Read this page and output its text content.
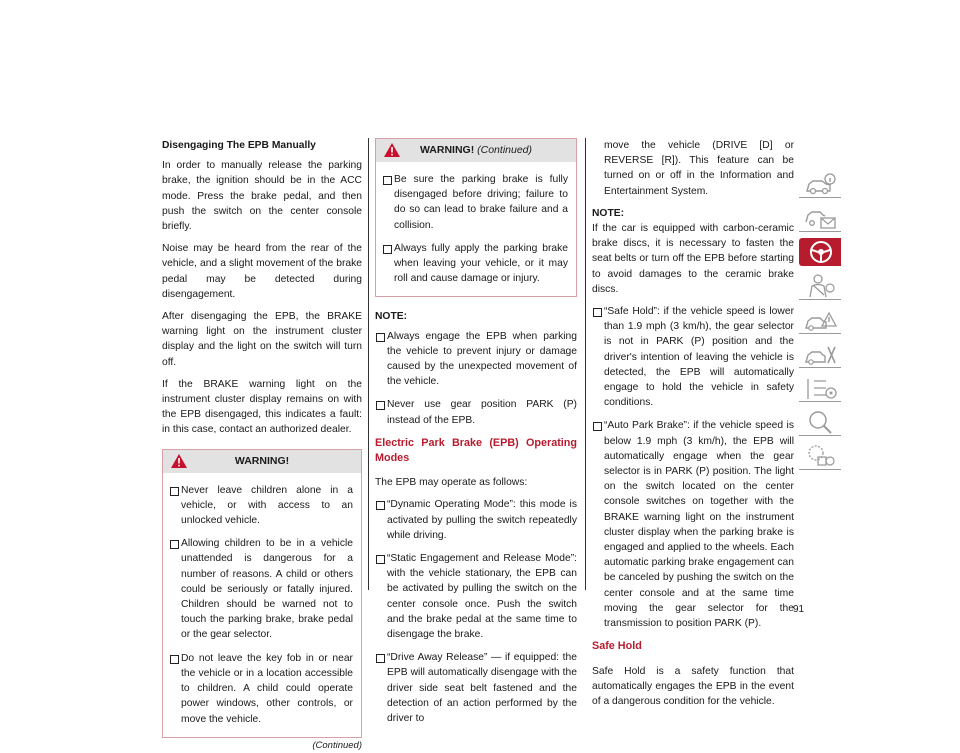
Disengaging The EPB Manually

In order to manually release the parking brake, the ignition should be in the ACC mode. Press the brake pedal, and then push the switch on the center console briefly.

Noise may be heard from the rear of the vehicle, and a slight movement of the brake pedal may be detected during disengagement.

After disengaging the EPB, the BRAKE warning light on the instrument cluster display and the light on the switch will turn off.

If the BRAKE warning light on the instrument cluster display remains on with the EPB disengaged, this indicates a fault: in this case, contact an authorized dealer.

WARNING!
Never leave children alone in a vehicle, or with access to an unlocked vehicle.
Allowing children to be in a vehicle unattended is dangerous for a number of reasons. A child or others could be seriously or fatally injured. Children should be warned not to touch the parking brake, brake pedal or the gear selector.
Do not leave the key fob in or near the vehicle or in a location accessible to children. A child could operate power windows, other controls, or move the vehicle.
(Continued)
WARNING!
(Continued)
Be sure the parking brake is fully disengaged before driving; failure to do so can lead to brake failure and a collision.
Always fully apply the parking brake when leaving your vehicle, or it may roll and cause damage or injury.

NOTE:

Always engage the EPB when parking the vehicle to prevent injury or damage caused by the unexpected movement of the vehicle.
Never use gear position PARK (P) instead of the EPB.

Electric Park Brake (EPB) Operating Modes

The EPB may operate as follows:

“Dynamic Operating Mode”: this mode is activated by pulling the switch repeatedly while driving.
“Static Engagement and Release Mode”: with the vehicle stationary, the EPB can be activated by pulling the switch on the center console once. Push the switch and the brake pedal at the same time to disengage the brake.
“Drive Away Release” — if equipped: the EPB will automatically disengage with the driver side seat belt fastened and the detection of an action performed by the driver to

move the vehicle (DRIVE [D] or REVERSE [R]). This feature can be turned on or off in the Information and Entertainment System.

NOTE:

If the car is equipped with carbon-ceramic brake discs, it is necessary to fasten the seat belts or turn off the EPB before starting to avoid damages to the ceramic brake discs.

“Safe Hold”: if the vehicle speed is lower than 1.9 mph (3 km/h), the gear selector is not in PARK (P) position and the driver's intention of leaving the vehicle is detected, the EPB will automatically engage to hold the vehicle in safety conditions.
“Auto Park Brake”: if the vehicle speed is below 1.9 mph (3 km/h), the EPB will automatically engage when the gear selector is in PARK (P) position. The light on the switch located on the center console switches on together with the BRAKE warning light on the instrument cluster display when the parking brake is engaged and applied to the wheels. Each automatic parking brake engagement can be canceled by pushing the switch on the center console and at the same time moving the gear selector for the transmission to position PARK (P).

Safe Hold

Safe Hold is a safety function that automatically engages the EPB in the event of a dangerous condition for the vehicle.

91
